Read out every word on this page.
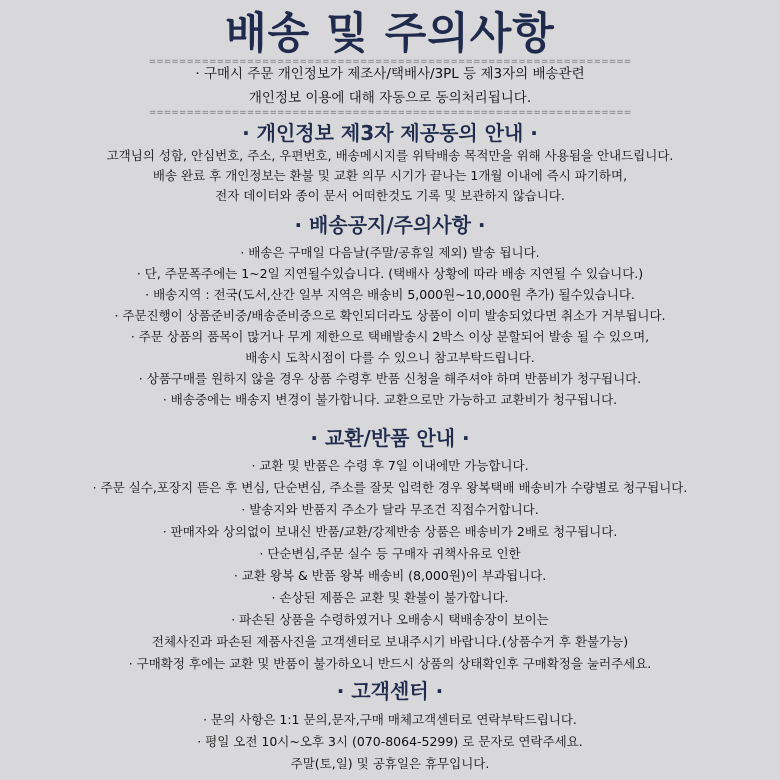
배송 및 주의사항
================================================================
· 구매시 주문 개인정보가 제조사/택배사/3PL 등 제3자의 배송관련
개인정보 이용에 대해 자동으로 동의처리됩니다.
================================================================
· 개인정보 제3자 제공동의 안내 ·
고객님의 성함, 안심번호, 주소, 우편번호, 배송메시지를 위탁배송 목적만을 위해 사용됨을 안내드립니다.
배송 완료 후 개인정보는 환불 및 교환 의무 시기가 끝나는 1개월 이내에 즉시 파기하며,
전자 데이터와 종이 문서 어떠한것도 기록 및 보관하지 않습니다.
· 배송공지/주의사항 ·
· 배송은 구매일 다음날(주말/공휴일 제외) 발송 됩니다.
· 단, 주문폭주에는 1~2일 지연될수있습니다. (택배사 상황에 따라 배송 지연될 수 있습니다.)
· 배송지역 : 전국(도서,산간 일부 지역은 배송비 5,000원~10,000원 추가) 될수있습니다.
· 주문진행이 상품준비중/배송준비중으로 확인되더라도 상품이 이미 발송되었다면 취소가 거부됩니다.
· 주문 상품의 품목이 많거나 무게 제한으로 택배발송시 2박스 이상 분할되어 발송 될 수 있으며,
배송시 도착시점이 다를 수 있으니 참고부탁드립니다.
· 상품구매를 원하지 않을 경우 상품 수령후 반품 신청을 해주셔야 하며 반품비가 청구됩니다.
· 배송중에는 배송지 변경이 불가합니다. 교환으로만 가능하고 교환비가 청구됩니다.
· 교환/반품 안내 ·
· 교환 및 반품은 수령 후 7일 이내에만 가능합니다.
· 주문 실수,포장지 뜯은 후 변심, 단순변심, 주소를 잘못 입력한 경우 왕복택배 배송비가 수량별로 청구됩니다.
· 발송지와 반품지 주소가 달라 무조건 직접수거합니다.
· 판매자와 상의없이 보내신 반품/교환/강제반송 상품은 배송비가 2배로 청구됩니다.
· 단순변심,주문 실수 등 구매자 귀책사유로 인한
· 교환 왕복 & 반품 왕복 배송비 (8,000원)이 부과됩니다.
· 손상된 제품은 교환 및 환불이 불가합니다.
· 파손된 상품을 수령하였거나 오배송시 택배송장이 보이는
전체사진과 파손된 제품사진을 고객센터로 보내주시기 바랍니다.(상품수거 후 환불가능)
· 구매확정 후에는 교환 및 반품이 불가하오니 반드시 상품의 상태확인후 구매확정을 눌러주세요.
· 고객센터 ·
· 문의 사항은 1:1 문의,문자,구매 매체고객센터로 연락부탁드립니다.
· 평일 오전 10시~오후 3시 (070-8064-5299) 로 문자로 연락주세요.
주말(토,일) 및 공휴일은 휴무입니다.
